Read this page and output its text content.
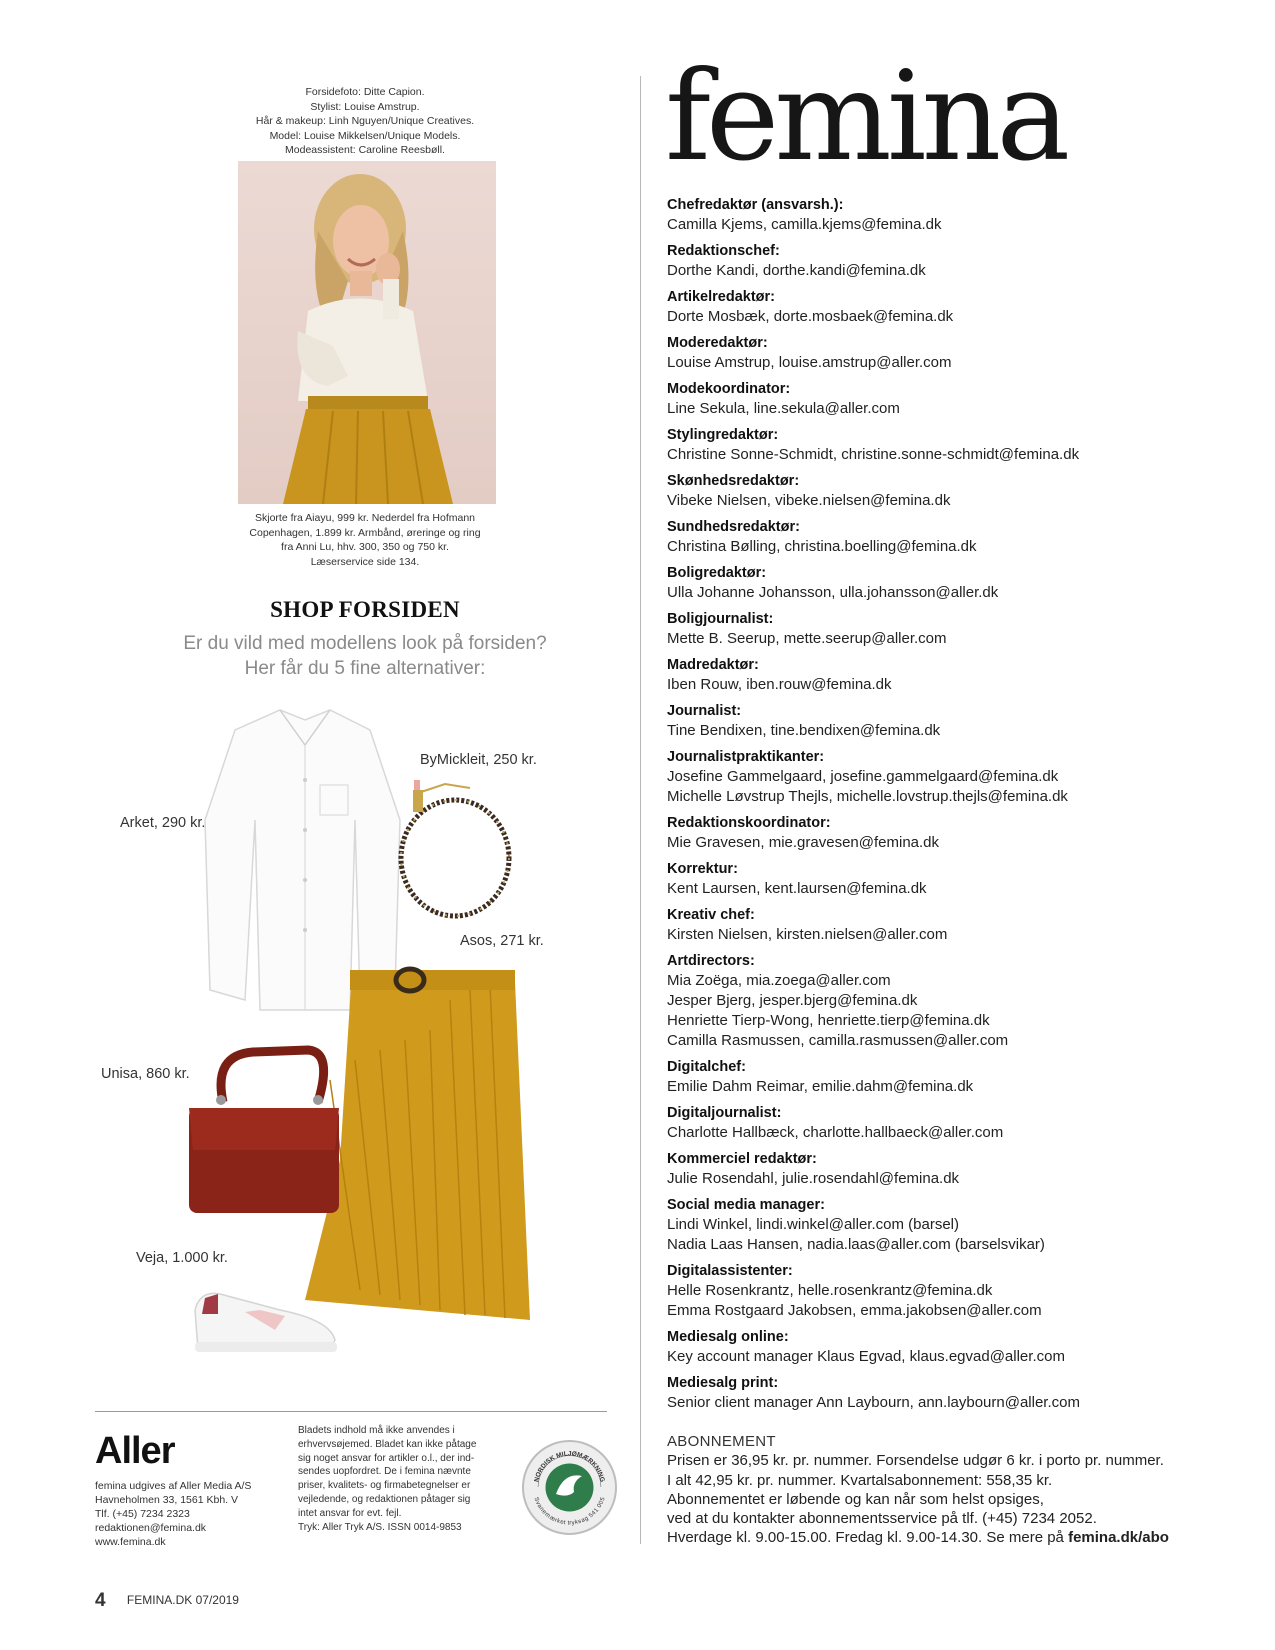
Forsidefoto: Ditte Capion.
Stylist: Louise Amstrup.
Hår & makeup: Linh Nguyen/Unique Creatives.
Model: Louise Mikkelsen/Unique Models.
Modeassistent: Caroline Reesbøll.
Skjorte fra Aiayu, 999 kr. Nederdel fra Hofmann
Copenhagen, 1.899 kr. Armbånd, øreringe og ring
fra Anni Lu, hhv. 300, 350 og 750 kr.
Læserservice side 134.
SHOP FORSIDEN
Er du vild med modellens look på forsiden?
Her får du 5 fine alternativer:
Arket, 290 kr.
ByMickleit, 250 kr.
Asos, 271 kr.
Unisa, 860 kr.
Veja, 1.000 kr.
Aller
femina udgives af Aller Media A/S
Havneholmen 33, 1561 Kbh. V
Tlf. (+45) 7234 2323
redaktionen@femina.dk
www.femina.dk
Bladets indhold må ikke anvendes i
erhvervsøjemed. Bladet kan ikke påtage
sig noget ansvar for artikler o.l., der ind-
sendes uopfordret. De i femina nævnte
priser, kvalitets- og firmabetegnelser er
vejledende, og redaktionen påtager sig
intet ansvar for evt. fejl.
Tryk: Aller Tryk A/S. ISSN 0014-9853
NORDISK MILJØMÆRKNING
Svanemærket tryksag 541 005
4 FEMINA.DK 07/2019
femina
Chefredaktør (ansvarsh.):
Camilla Kjems, camilla.kjems@femina.dk
Redaktionschef:
Dorthe Kandi, dorthe.kandi@femina.dk
Artikelredaktør:
Dorte Mosbæk, dorte.mosbaek@femina.dk
Moderedaktør:
Louise Amstrup, louise.amstrup@aller.com
Modekoordinator:
Line Sekula, line.sekula@aller.com
Stylingredaktør:
Christine Sonne-Schmidt, christine.sonne-schmidt@femina.dk
Skønhedsredaktør:
Vibeke Nielsen, vibeke.nielsen@femina.dk
Sundhedsredaktør:
Christina Bølling, christina.boelling@femina.dk
Boligredaktør:
Ulla Johanne Johansson, ulla.johansson@aller.dk
Boligjournalist:
Mette B. Seerup, mette.seerup@aller.com
Madredaktør:
Iben Rouw, iben.rouw@femina.dk
Journalist:
Tine Bendixen, tine.bendixen@femina.dk
Journalistpraktikanter:
Josefine Gammelgaard, josefine.gammelgaard@femina.dk
Michelle Løvstrup Thejls, michelle.lovstrup.thejls@femina.dk
Redaktionskoordinator:
Mie Gravesen, mie.gravesen@femina.dk
Korrektur:
Kent Laursen, kent.laursen@femina.dk
Kreativ chef:
Kirsten Nielsen, kirsten.nielsen@aller.com
Artdirectors:
Mia Zoëga, mia.zoega@aller.com
Jesper Bjerg, jesper.bjerg@femina.dk
Henriette Tierp-Wong, henriette.tierp@femina.dk
Camilla Rasmussen, camilla.rasmussen@aller.com
Digitalchef:
Emilie Dahm Reimar, emilie.dahm@femina.dk
Digitaljournalist:
Charlotte Hallbæck, charlotte.hallbaeck@aller.com
Kommerciel redaktør:
Julie Rosendahl, julie.rosendahl@femina.dk
Social media manager:
Lindi Winkel, lindi.winkel@aller.com (barsel)
Nadia Laas Hansen, nadia.laas@aller.com (barselsvikar)
Digitalassistenter:
Helle Rosenkrantz, helle.rosenkrantz@femina.dk
Emma Rostgaard Jakobsen, emma.jakobsen@aller.com
Mediesalg online:
Key account manager Klaus Egvad, klaus.egvad@aller.com
Mediesalg print:
Senior client manager Ann Laybourn, ann.laybourn@aller.com
ABONNEMENT
Prisen er 36,95 kr. pr. nummer. Forsendelse udgør 6 kr. i porto pr. nummer.
I alt 42,95 kr. pr. nummer. Kvartalsabonnement: 558,35 kr.
Abonnementet er løbende og kan når som helst opsiges,
ved at du kontakter abonnementsservice på tlf. (+45) 7234 2052.
Hverdage kl. 9.00-15.00. Fredag kl. 9.00-14.30. Se mere på femina.dk/abo
